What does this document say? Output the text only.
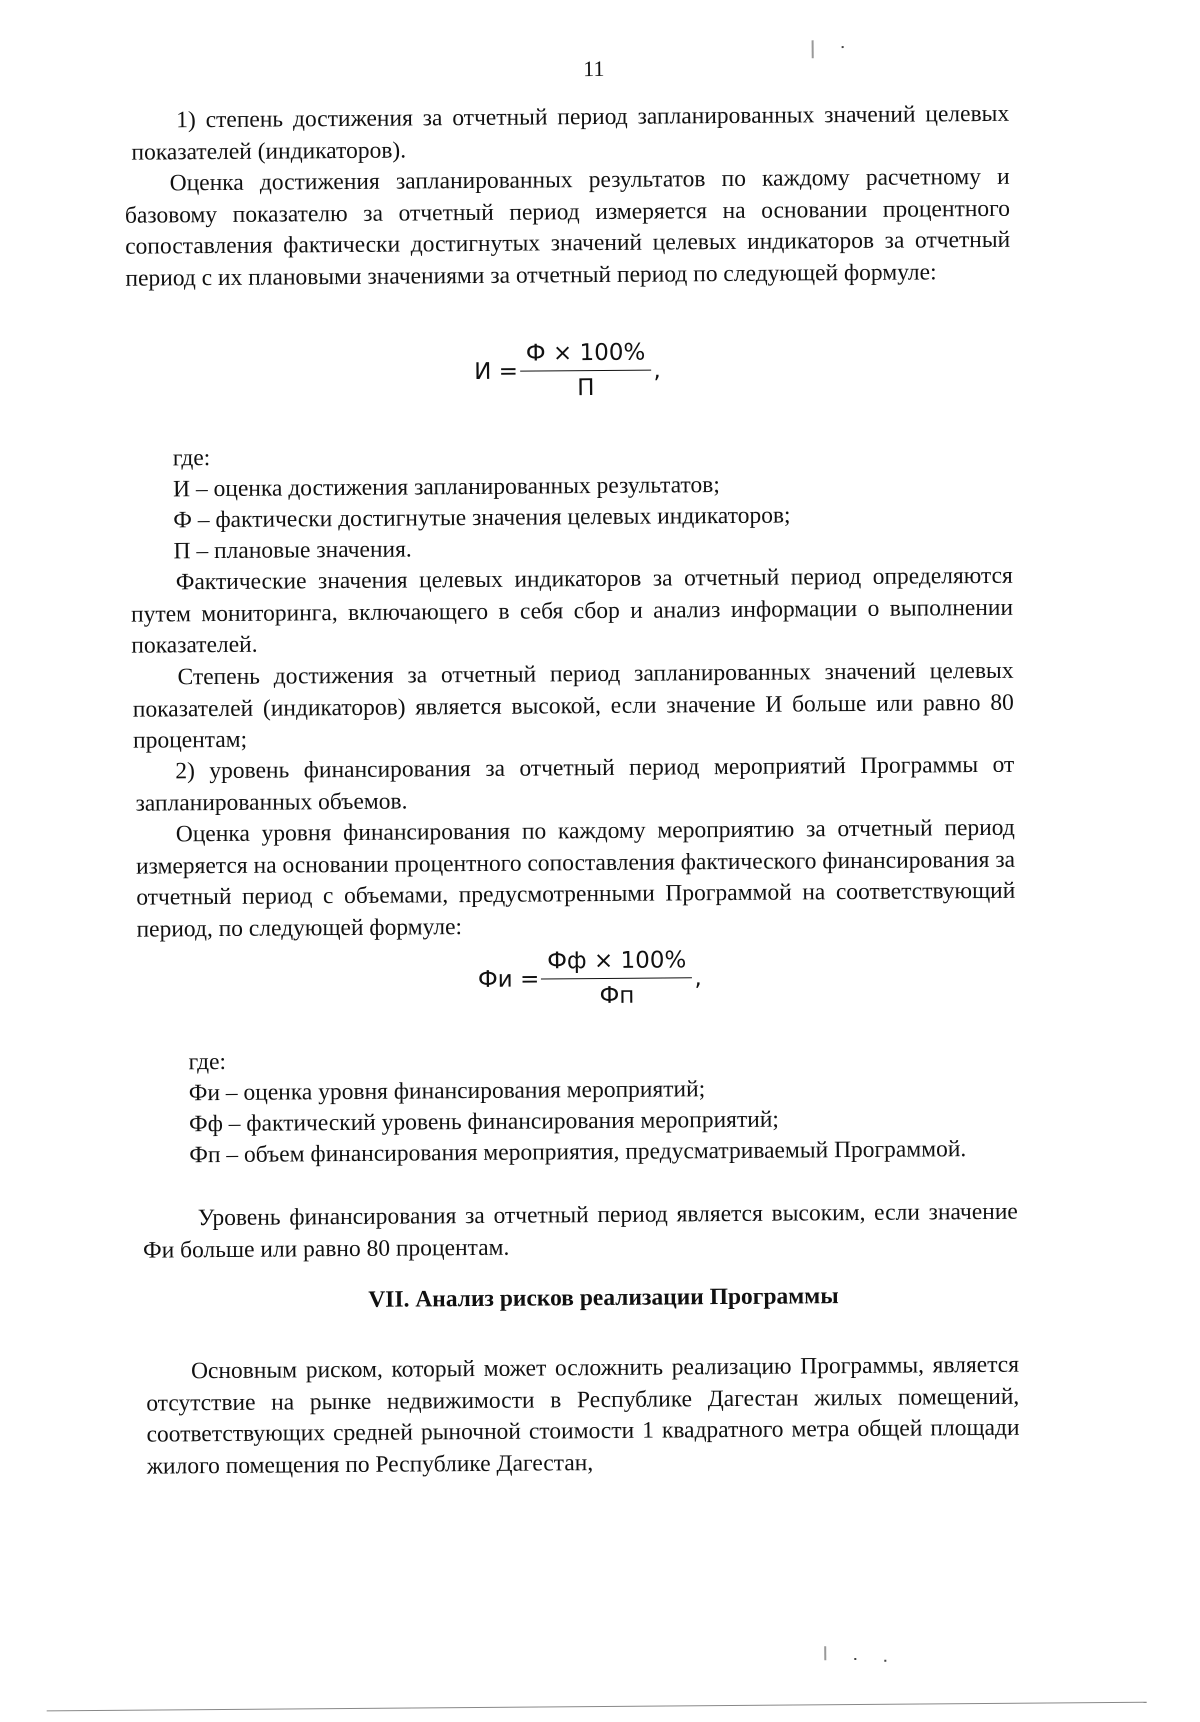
11

1) степень достижения за отчетный период запланированных значений целевых показателей (индикаторов).

Оценка достижения запланированных результатов по каждому расчетному и базовому показателю за отчетный период измеряется на основании процентного сопоставления фактически достигнутых значений целевых индикаторов за отчетный период с их плановыми значениями за отчетный период по следующей формуле:

$И = \frac{Ф \times 100\%}{П}$ ,
где:
И – оценка достижения запланированных результатов;
Ф – фактически достигнутые значения целевых индикаторов;
П – плановые значения.

Фактические значения целевых индикаторов за отчетный период определяются путем мониторинга, включающего в себя сбор и анализ информации о выполнении показателей.

Степень достижения за отчетный период запланированных значений целевых показателей (индикаторов) является высокой, если значение И больше или равно 80 процентам;

2) уровень финансирования за отчетный период мероприятий Программы от запланированных объемов.

Оценка уровня финансирования по каждому мероприятию за отчетный период измеряется на основании процентного сопоставления фактического финансирования за отчетный период с объемами, предусмотренными Программой на соответствующий период, по следующей формуле:

Фи = $\frac{Фф \times 100\%}{Фп}$ ,
где:
Фи – оценка уровня финансирования мероприятий;
Фф – фактический уровень финансирования мероприятий;

Фп – объем финансирования мероприятия, предусматриваемый Программой.

Уровень финансирования за отчетный период является высоким, если значение Фи больше или равно 80 процентам.

VII. Анализ рисков реализации Программы

Основным риском, который может осложнить реализацию Программы, является отсутствие на рынке недвижимости в Республике Дагестан жилых помещений, соответствующих средней рыночной стоимости 1 квадратного метра общей площади жилого помещения по Республике Дагестан,
